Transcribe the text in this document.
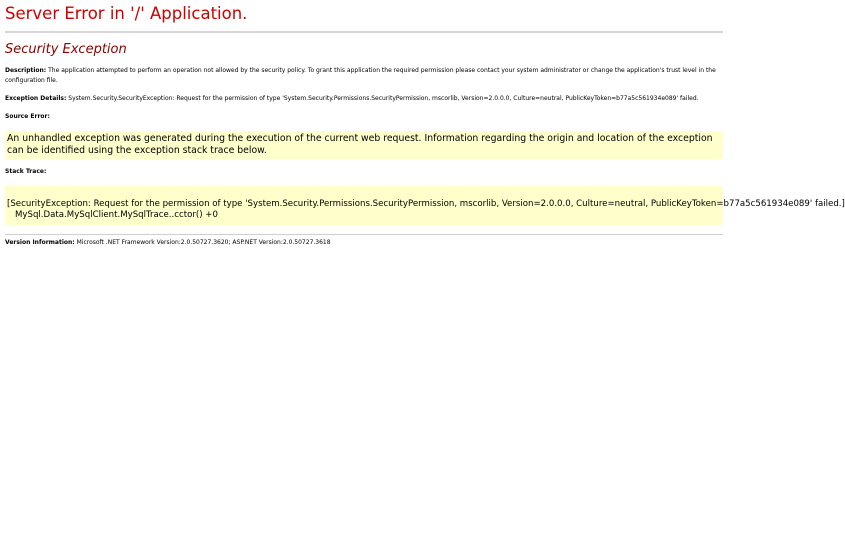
Server Error in '/' Application.
Security Exception
Description: The application attempted to perform an operation not allowed by the security policy. To grant this application the required permission please contact your system administrator or change the application's trust level in the configuration file.
Exception Details: System.Security.SecurityException: Request for the permission of type 'System.Security.Permissions.SecurityPermission, mscorlib, Version=2.0.0.0, Culture=neutral, PublicKeyToken=b77a5c561934e089' failed.
Source Error:
An unhandled exception was generated during the execution of the current web request. Information regarding the origin and location of the exception can be identified using the exception stack trace below.
Stack Trace:
[SecurityException: Request for the permission of type 'System.Security.Permissions.SecurityPermission, mscorlib, Version=2.0.0.0, Culture=neutral, PublicKeyToken=b77a5c561934e089' failed.]
MySql.Data.MySqlClient.MySqlTrace..cctor() +0
Version Information: Microsoft .NET Framework Version:2.0.50727.3620; ASP.NET Version:2.0.50727.3618
